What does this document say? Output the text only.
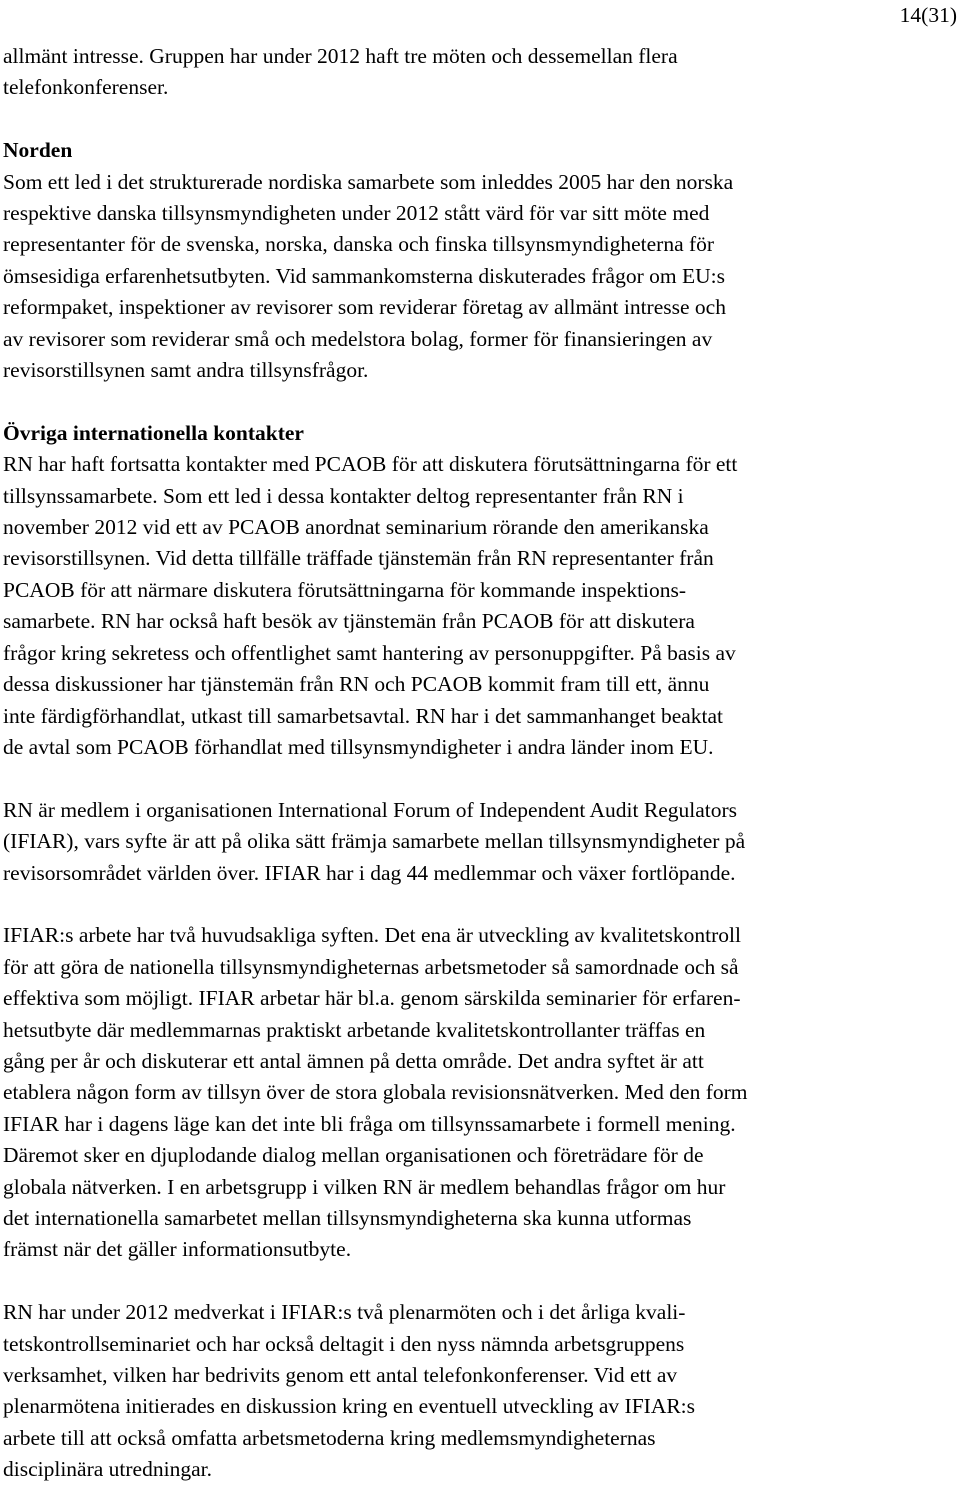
14(31)
allmänt intresse. Gruppen har under 2012 haft tre möten och dessemellan flera
telefonkonferenser.
Norden
Som ett led i det strukturerade nordiska samarbete som inleddes 2005 har den norska
respektive danska tillsynsmyndigheten under 2012 stått värd för var sitt möte med
representanter för de svenska, norska, danska och finska tillsynsmyndigheterna för
ömsesidiga erfarenhetsutbyten. Vid sammankomsterna diskuterades frågor om EU:s
reformpaket, inspektioner av revisorer som reviderar företag av allmänt intresse och
av revisorer som reviderar små och medelstora bolag, former för finansieringen av
revisorstillsynen samt andra tillsynsfrågor.
Övriga internationella kontakter
RN har haft fortsatta kontakter med PCAOB för att diskutera förutsättningarna för ett
tillsynssamarbete. Som ett led i dessa kontakter deltog representanter från RN i
november 2012 vid ett av PCAOB anordnat seminarium rörande den amerikanska
revisorstillsynen. Vid detta tillfälle träffade tjänstemän från RN representanter från
PCAOB för att närmare diskutera förutsättningarna för kommande inspektions-
samarbete. RN har också haft besök av tjänstemän från PCAOB för att diskutera
frågor kring sekretess och offentlighet samt hantering av personuppgifter. På basis av
dessa diskussioner har tjänstemän från RN och PCAOB kommit fram till ett, ännu
inte färdigförhandlat, utkast till samarbetsavtal. RN har i det sammanhanget beaktat
de avtal som PCAOB förhandlat med tillsynsmyndigheter i andra länder inom EU.
RN är medlem i organisationen International Forum of Independent Audit Regulators
(IFIAR), vars syfte är att på olika sätt främja samarbete mellan tillsynsmyndigheter på
revisorsområdet världen över. IFIAR har i dag 44 medlemmar och växer fortlöpande.
IFIAR:s arbete har två huvudsakliga syften. Det ena är utveckling av kvalitetskontroll
för att göra de nationella tillsynsmyndigheternas arbetsmetoder så samordnade och så
effektiva som möjligt. IFIAR arbetar här bl.a. genom särskilda seminarier för erfaren-
hetsutbyte där medlemmarnas praktiskt arbetande kvalitetskontrollanter träffas en
gång per år och diskuterar ett antal ämnen på detta område. Det andra syftet är att
etablera någon form av tillsyn över de stora globala revisionsnätverken. Med den form
IFIAR har i dagens läge kan det inte bli fråga om tillsynssamarbete i formell mening.
Däremot sker en djuplodande dialog mellan organisationen och företrädare för de
globala nätverken. I en arbetsgrupp i vilken RN är medlem behandlas frågor om hur
det internationella samarbetet mellan tillsynsmyndigheterna ska kunna utformas
främst när det gäller informationsutbyte.
RN har under 2012 medverkat i IFIAR:s två plenarmöten och i det årliga kvali-
tetskontrollseminariet och har också deltagit i den nyss nämnda arbetsgruppens
verksamhet, vilken har bedrivits genom ett antal telefonkonferenser. Vid ett av
plenarmötena initierades en diskussion kring en eventuell utveckling av IFIAR:s
arbete till att också omfatta arbetsmetoderna kring medlemsmyndigheternas
disciplinära utredningar.
